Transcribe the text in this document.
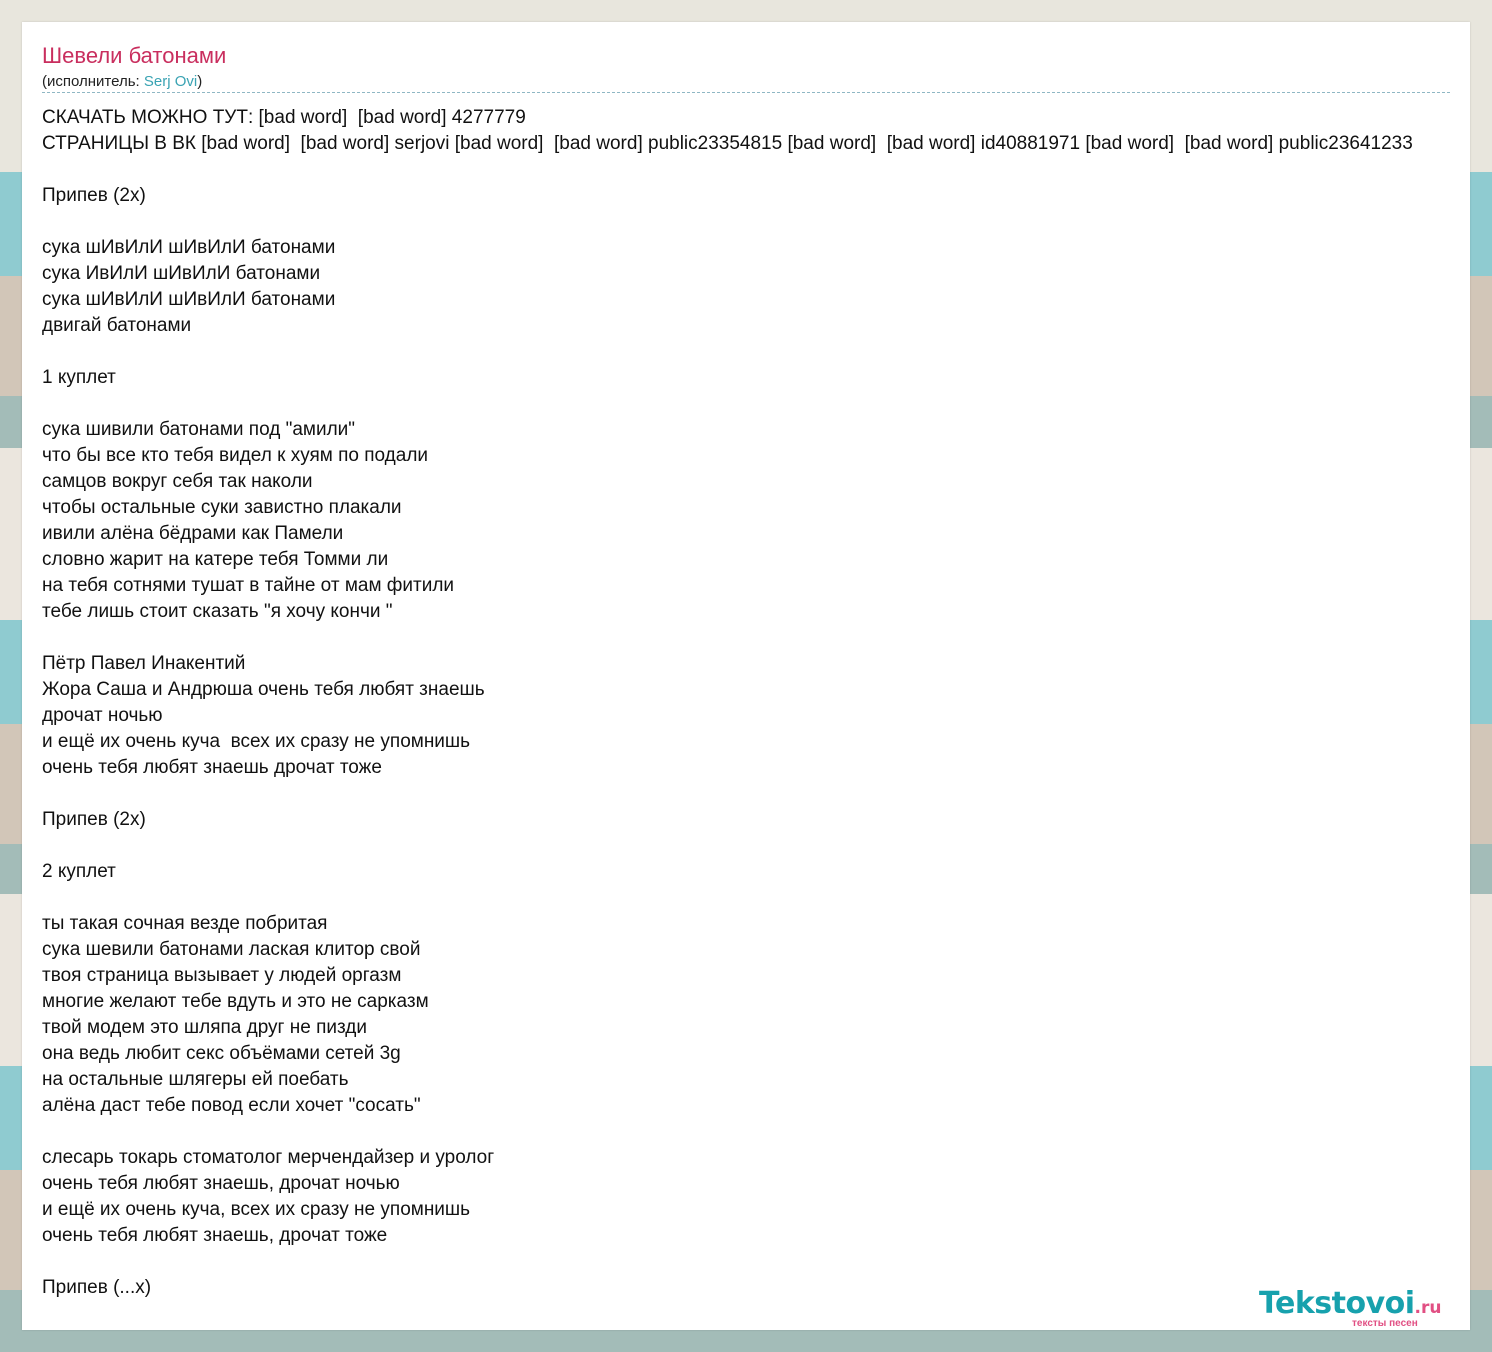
Шевели батонами
(исполнитель: Serj Ovi)
СКАЧАТЬ МОЖНО ТУТ: [bad word]  [bad word] 4277779
СТРАНИЦЫ В ВК [bad word]  [bad word] serjovi [bad word]  [bad word] public23354815 [bad word]  [bad word] id40881971 [bad word]  [bad word] public23641233

Припев (2x)

сука шИвИлИ шИвИлИ батонами
сука ИвИлИ шИвИлИ батонами
сука шИвИлИ шИвИлИ батонами
двигай батонами

1 куплет

сука шивили батонами под "амили"
что бы все кто тебя видел к хуям по подали
самцов вокруг себя так наколи
чтобы остальные суки завистно плакали
ивили алёна бёдрами как Памели
словно жарит на катере тебя Томми ли
на тебя сотнями тушат в тайне от мам фитили
тебе лишь стоит сказать "я хочу кончи "

Пётр Павел Инакентий
Жора Саша и Андрюша очень тебя любят знаешь
дрочат ночью
и ещё их очень куча  всех их сразу не упомнишь
очень тебя любят знаешь дрочат тоже

Припев (2x)

2 куплет

ты такая сочная везде побритая
сука шевили батонами лаская клитор свой
твоя страница вызывает у людей оргазм
многие желают тебе вдуть и это не сарказм
твой модем это шляпа друг не пизди
она ведь любит секс объёмами сетей 3g
на остальные шлягеры ей поебать
алёна даст тебе повод если хочет "сосать"

слесарь токарь стоматолог мерчендайзер и уролог
очень тебя любят знаешь, дрочат ночью
и ещё их очень куча, всех их сразу не упомнишь
очень тебя любят знаешь, дрочат тоже

Припев (...x)	Tekstovoi.ru
тексты песен
